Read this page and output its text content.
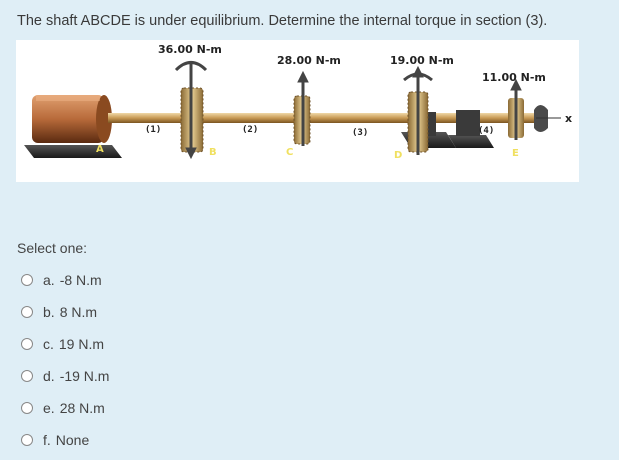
The shaft ABCDE is under equilibrium. Determine the internal torque in section (3).
36.00 N-m
28.00 N-m	19.00 N-m
11.00 N-m
(1)	(2)	(3)	(4)
A	B	C	D	E
x
Select one:
a. -8 N.m
b. 8 N.m
c. 19 N.m
d. -19 N.m
e. 28 N.m
f. None
